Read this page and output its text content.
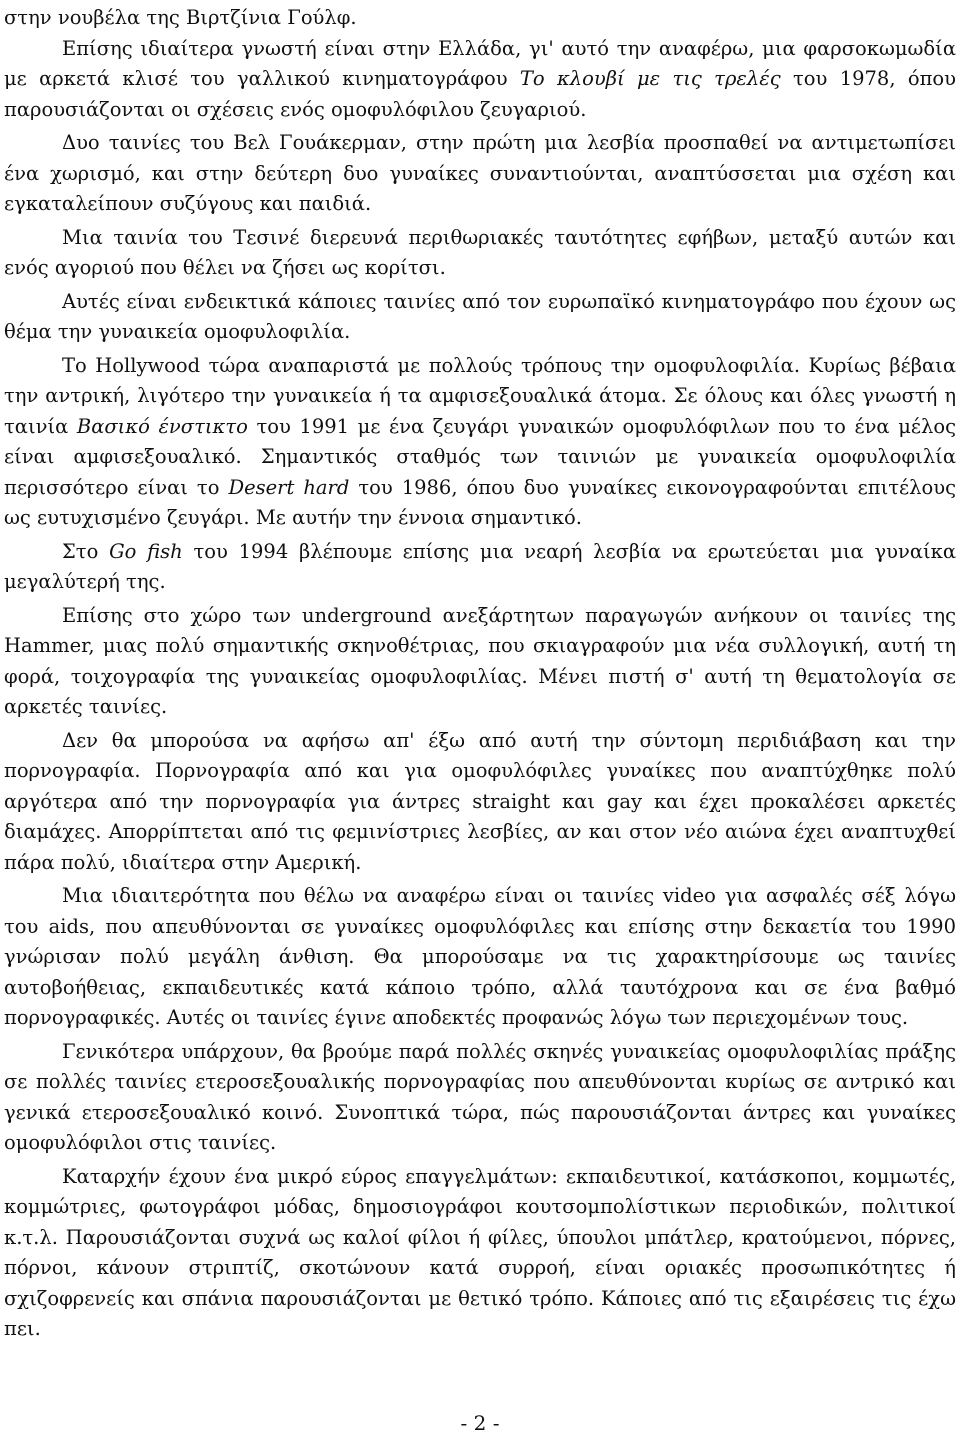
στην νουβέλα της Βιρτζίνια Γούλφ.

Επίσης ιδιαίτερα γνωστή είναι στην Ελλάδα, γι' αυτό την αναφέρω, μια φαρσοκωμωδία με αρκετά κλισέ του γαλλικού κινηματογράφου Το κλουβί με τις τρελές του 1978, όπου παρουσιάζονται οι σχέσεις ενός ομοφυλόφιλου ζευγαριού.

Δυο ταινίες του Βελ Γουάκερμαν, στην πρώτη μια λεσβία προσπαθεί να αντιμετωπίσει ένα χωρισμό, και στην δεύτερη δυο γυναίκες συναντιούνται, αναπτύσσεται μια σχέση και εγκαταλείπουν συζύγους και παιδιά.

Μια ταινία του Τεσινέ διερευνά περιθωριακές ταυτότητες εφήβων, μεταξύ αυτών και ενός αγοριού που θέλει να ζήσει ως κορίτσι.

Αυτές είναι ενδεικτικά κάποιες ταινίες από τον ευρωπαϊκό κινηματογράφο που έχουν ως θέμα την γυναικεία ομοφυλοφιλία.

Το Hollywood τώρα αναπαριστά με πολλούς τρόπους την ομοφυλοφιλία. Κυρίως βέβαια την αντρική, λιγότερο την γυναικεία ή τα αμφισεξουαλικά άτομα. Σε όλους και όλες γνωστή η ταινία Βασικό ένστικτο του 1991 με ένα ζευγάρι γυναικών ομοφυλόφιλων που το ένα μέλος είναι αμφισεξουαλικό. Σημαντικός σταθμός των ταινιών με γυναικεία ομοφυλοφιλία περισσότερο είναι το Desert hard του 1986, όπου δυο γυναίκες εικονογραφούνται επιτέλους ως ευτυχισμένο ζευγάρι. Με αυτήν την έννοια σημαντικό.

Στο Go fish του 1994 βλέπουμε επίσης μια νεαρή λεσβία να ερωτεύεται μια γυναίκα μεγαλύτερή της.

Επίσης στο χώρο των underground ανεξάρτητων παραγωγών ανήκουν οι ταινίες της Hammer, μιας πολύ σημαντικής σκηνοθέτριας, που σκιαγραφούν μια νέα συλλογική, αυτή τη φορά, τοιχογραφία της γυναικείας ομοφυλοφιλίας. Μένει πιστή σ' αυτή τη θεματολογία σε αρκετές ταινίες.

Δεν θα μπορούσα να αφήσω απ' έξω από αυτή την σύντομη περιδιάβαση και την πορνογραφία. Πορνογραφία από και για ομοφυλόφιλες γυναίκες που αναπτύχθηκε πολύ αργότερα από την πορνογραφία για άντρες straight και gay και έχει προκαλέσει αρκετές διαμάχες. Απορρίπτεται από τις φεμινίστριες λεσβίες, αν και στον νέο αιώνα έχει αναπτυχθεί πάρα πολύ, ιδιαίτερα στην Αμερική.

Μια ιδιαιτερότητα που θέλω να αναφέρω είναι οι ταινίες video για ασφαλές σέξ λόγω του aids, που απευθύνονται σε γυναίκες ομοφυλόφιλες και επίσης στην δεκαετία του 1990 γνώρισαν πολύ μεγάλη άνθιση. Θα μπορούσαμε να τις χαρακτηρίσουμε ως ταινίες αυτοβοήθειας, εκπαιδευτικές κατά κάποιο τρόπο, αλλά ταυτόχρονα και σε ένα βαθμό πορνογραφικές. Αυτές οι ταινίες έγινε αποδεκτές προφανώς λόγω των περιεχομένων τους.

Γενικότερα υπάρχουν, θα βρούμε παρά πολλές σκηνές γυναικείας ομοφυλοφιλίας πράξης σε πολλές ταινίες ετεροσεξουαλικής πορνογραφίας που απευθύνονται κυρίως σε αντρικό και γενικά ετεροσεξουαλικό κοινό. Συνοπτικά τώρα, πώς παρουσιάζονται άντρες και γυναίκες ομοφυλόφιλοι στις ταινίες.

Καταρχήν έχουν ένα μικρό εύρος επαγγελμάτων: εκπαιδευτικοί, κατάσκοποι, κομμωτές, κομμώτριες, φωτογράφοι μόδας, δημοσιογράφοι κουτσομπολίστικων περιοδικών, πολιτικοί κ.τ.λ. Παρουσιάζονται συχνά ως καλοί φίλοι ή φίλες, ύπουλοι μπάτλερ, κρατούμενοι, πόρνες, πόρνοι, κάνουν στριπτίζ, σκοτώνουν κατά συρροή, είναι οριακές προσωπικότητες ή σχιζοφρενείς και σπάνια παρουσιάζονται με θετικό τρόπο. Κάποιες από τις εξαιρέσεις τις έχω πει.

- 2 -
